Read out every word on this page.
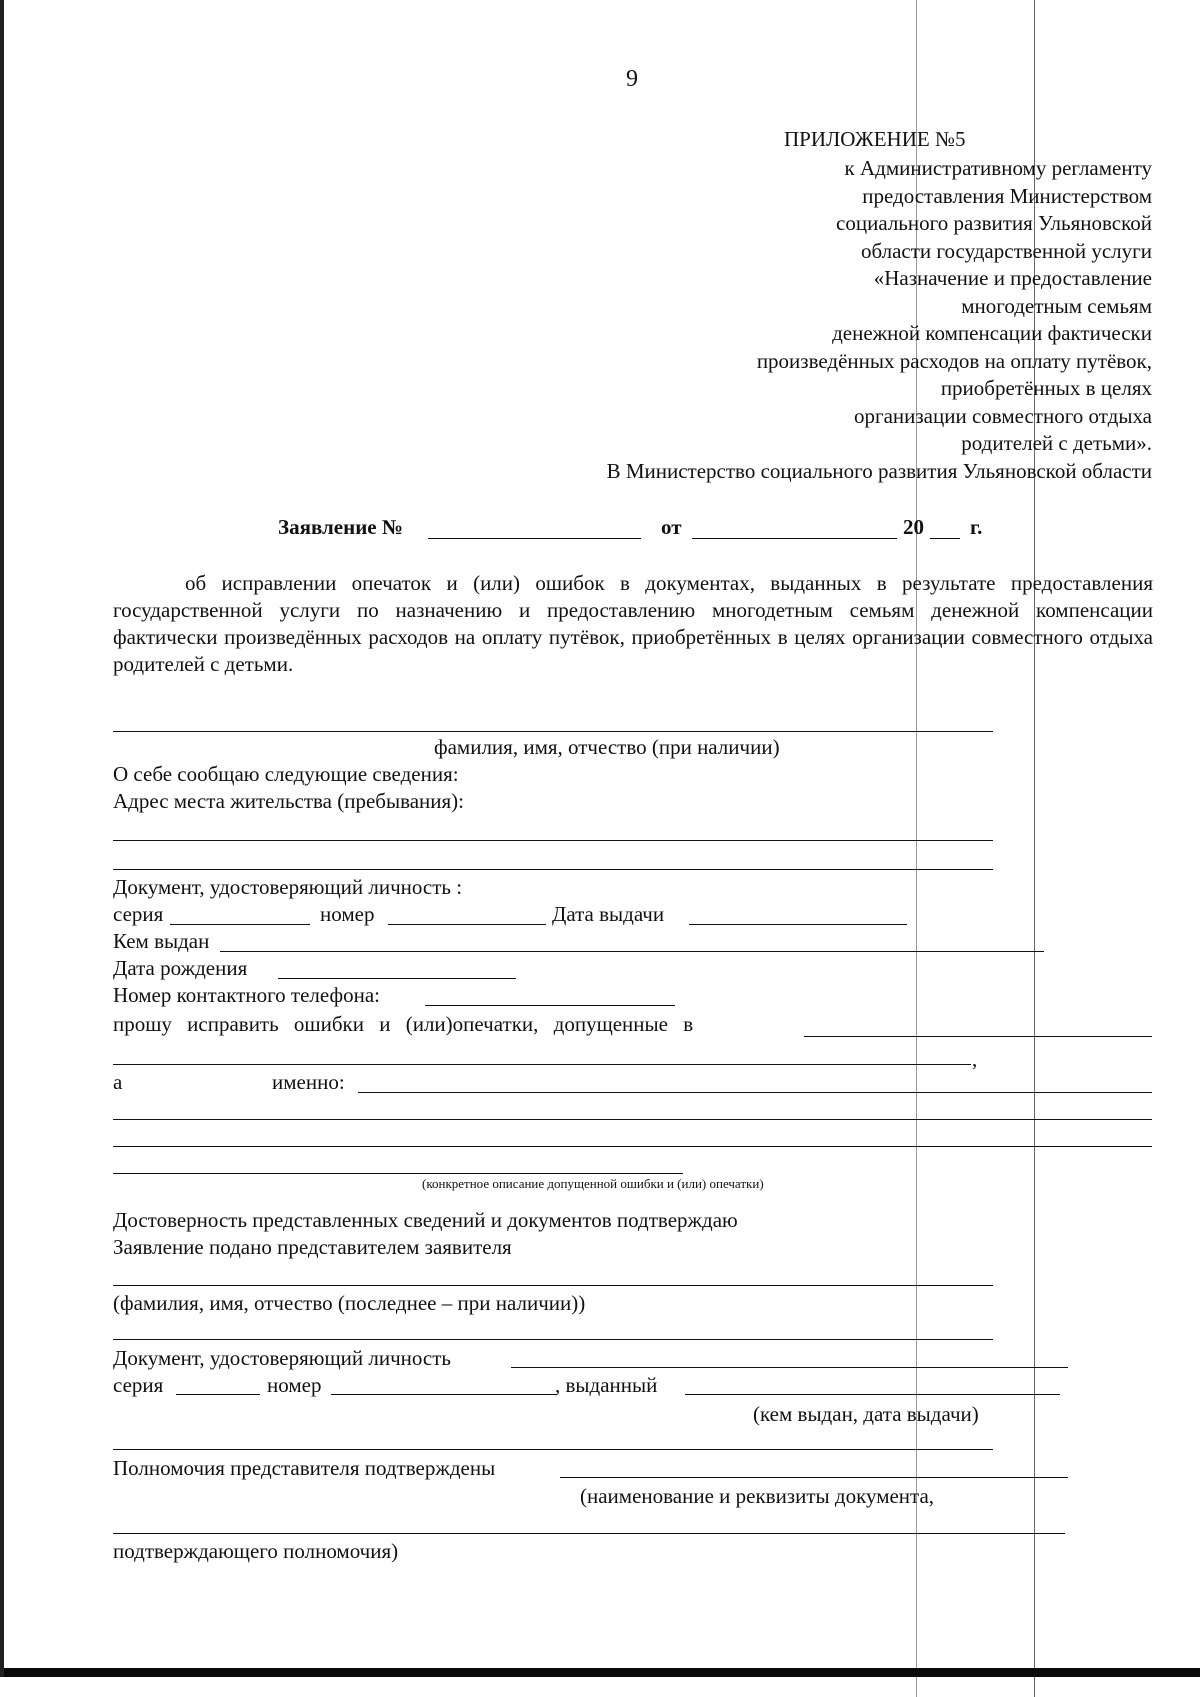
9
ПРИЛОЖЕНИЕ №5
к Административному регламенту
предоставления Министерством
социального развития Ульяновской
области государственной услуги
«Назначение и предоставление
многодетным семьям
денежной компенсации фактически
произведённых расходов на оплату путёвок,
приобретённых в целях
организации совместного отдыха
родителей с детьми».
В Министерство социального развития Ульяновской области
Заявление №	от	20 г.
об исправлении опечаток и (или) ошибок в документах, выданных в результате предоставления государственной услуги по назначению и предоставлению многодетным семьям денежной компенсации фактически произведённых расходов на оплату путёвок, приобретённых в целях организации совместного отдыха родителей с детьми.
фамилия, имя, отчество (при наличии)
О себе сообщаю следующие сведения:
Адрес места жительства (пребывания):
Документ, удостоверяющий личность :
серия	номер	Дата выдачи
Кем выдан
Дата рождения
Номер контактного телефона:
прошу исправить ошибки и (или)опечатки, допущенные в
,
а	именно:
(конкретное описание допущенной ошибки и (или) опечатки)
Достоверность представленных сведений и документов подтверждаю
Заявление подано представителем заявителя
(фамилия, имя, отчество (последнее – при наличии))
Документ, удостоверяющий личность
серия	номер	, выданный
(кем выдан, дата выдачи)
Полномочия представителя подтверждены
(наименование и реквизиты документа,
подтверждающего полномочия)
